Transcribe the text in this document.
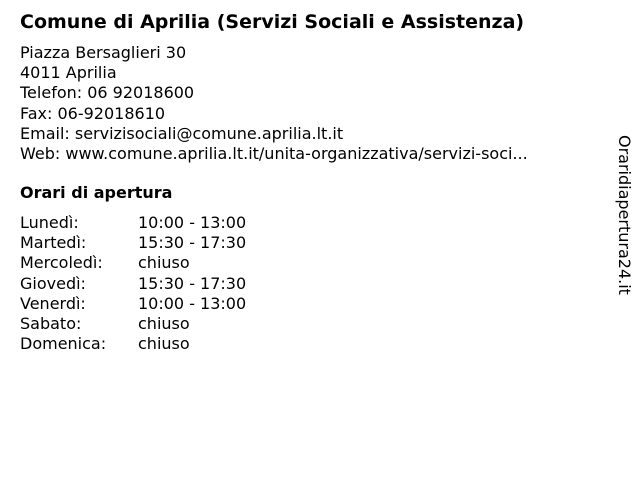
Comune di Aprilia (Servizi Sociali e Assistenza)
Piazza Bersaglieri 30
4011 Aprilia
Telefon: 06 92018600
Fax: 06-92018610
Email: servizisociali@comune.aprilia.lt.it
Web: www.comune.aprilia.lt.it/unita-organizzativa/servizi-soci...
Orari di apertura
Lunedì:	10:00 - 13:00
Martedì:	15:30 - 17:30
Mercoledì: chiuso
Giovedì:	15:30 - 17:30
Venerdì:	10:00 - 13:00
Sabato:	chiuso
Domenica: chiuso
Oraridiapertura24.it
